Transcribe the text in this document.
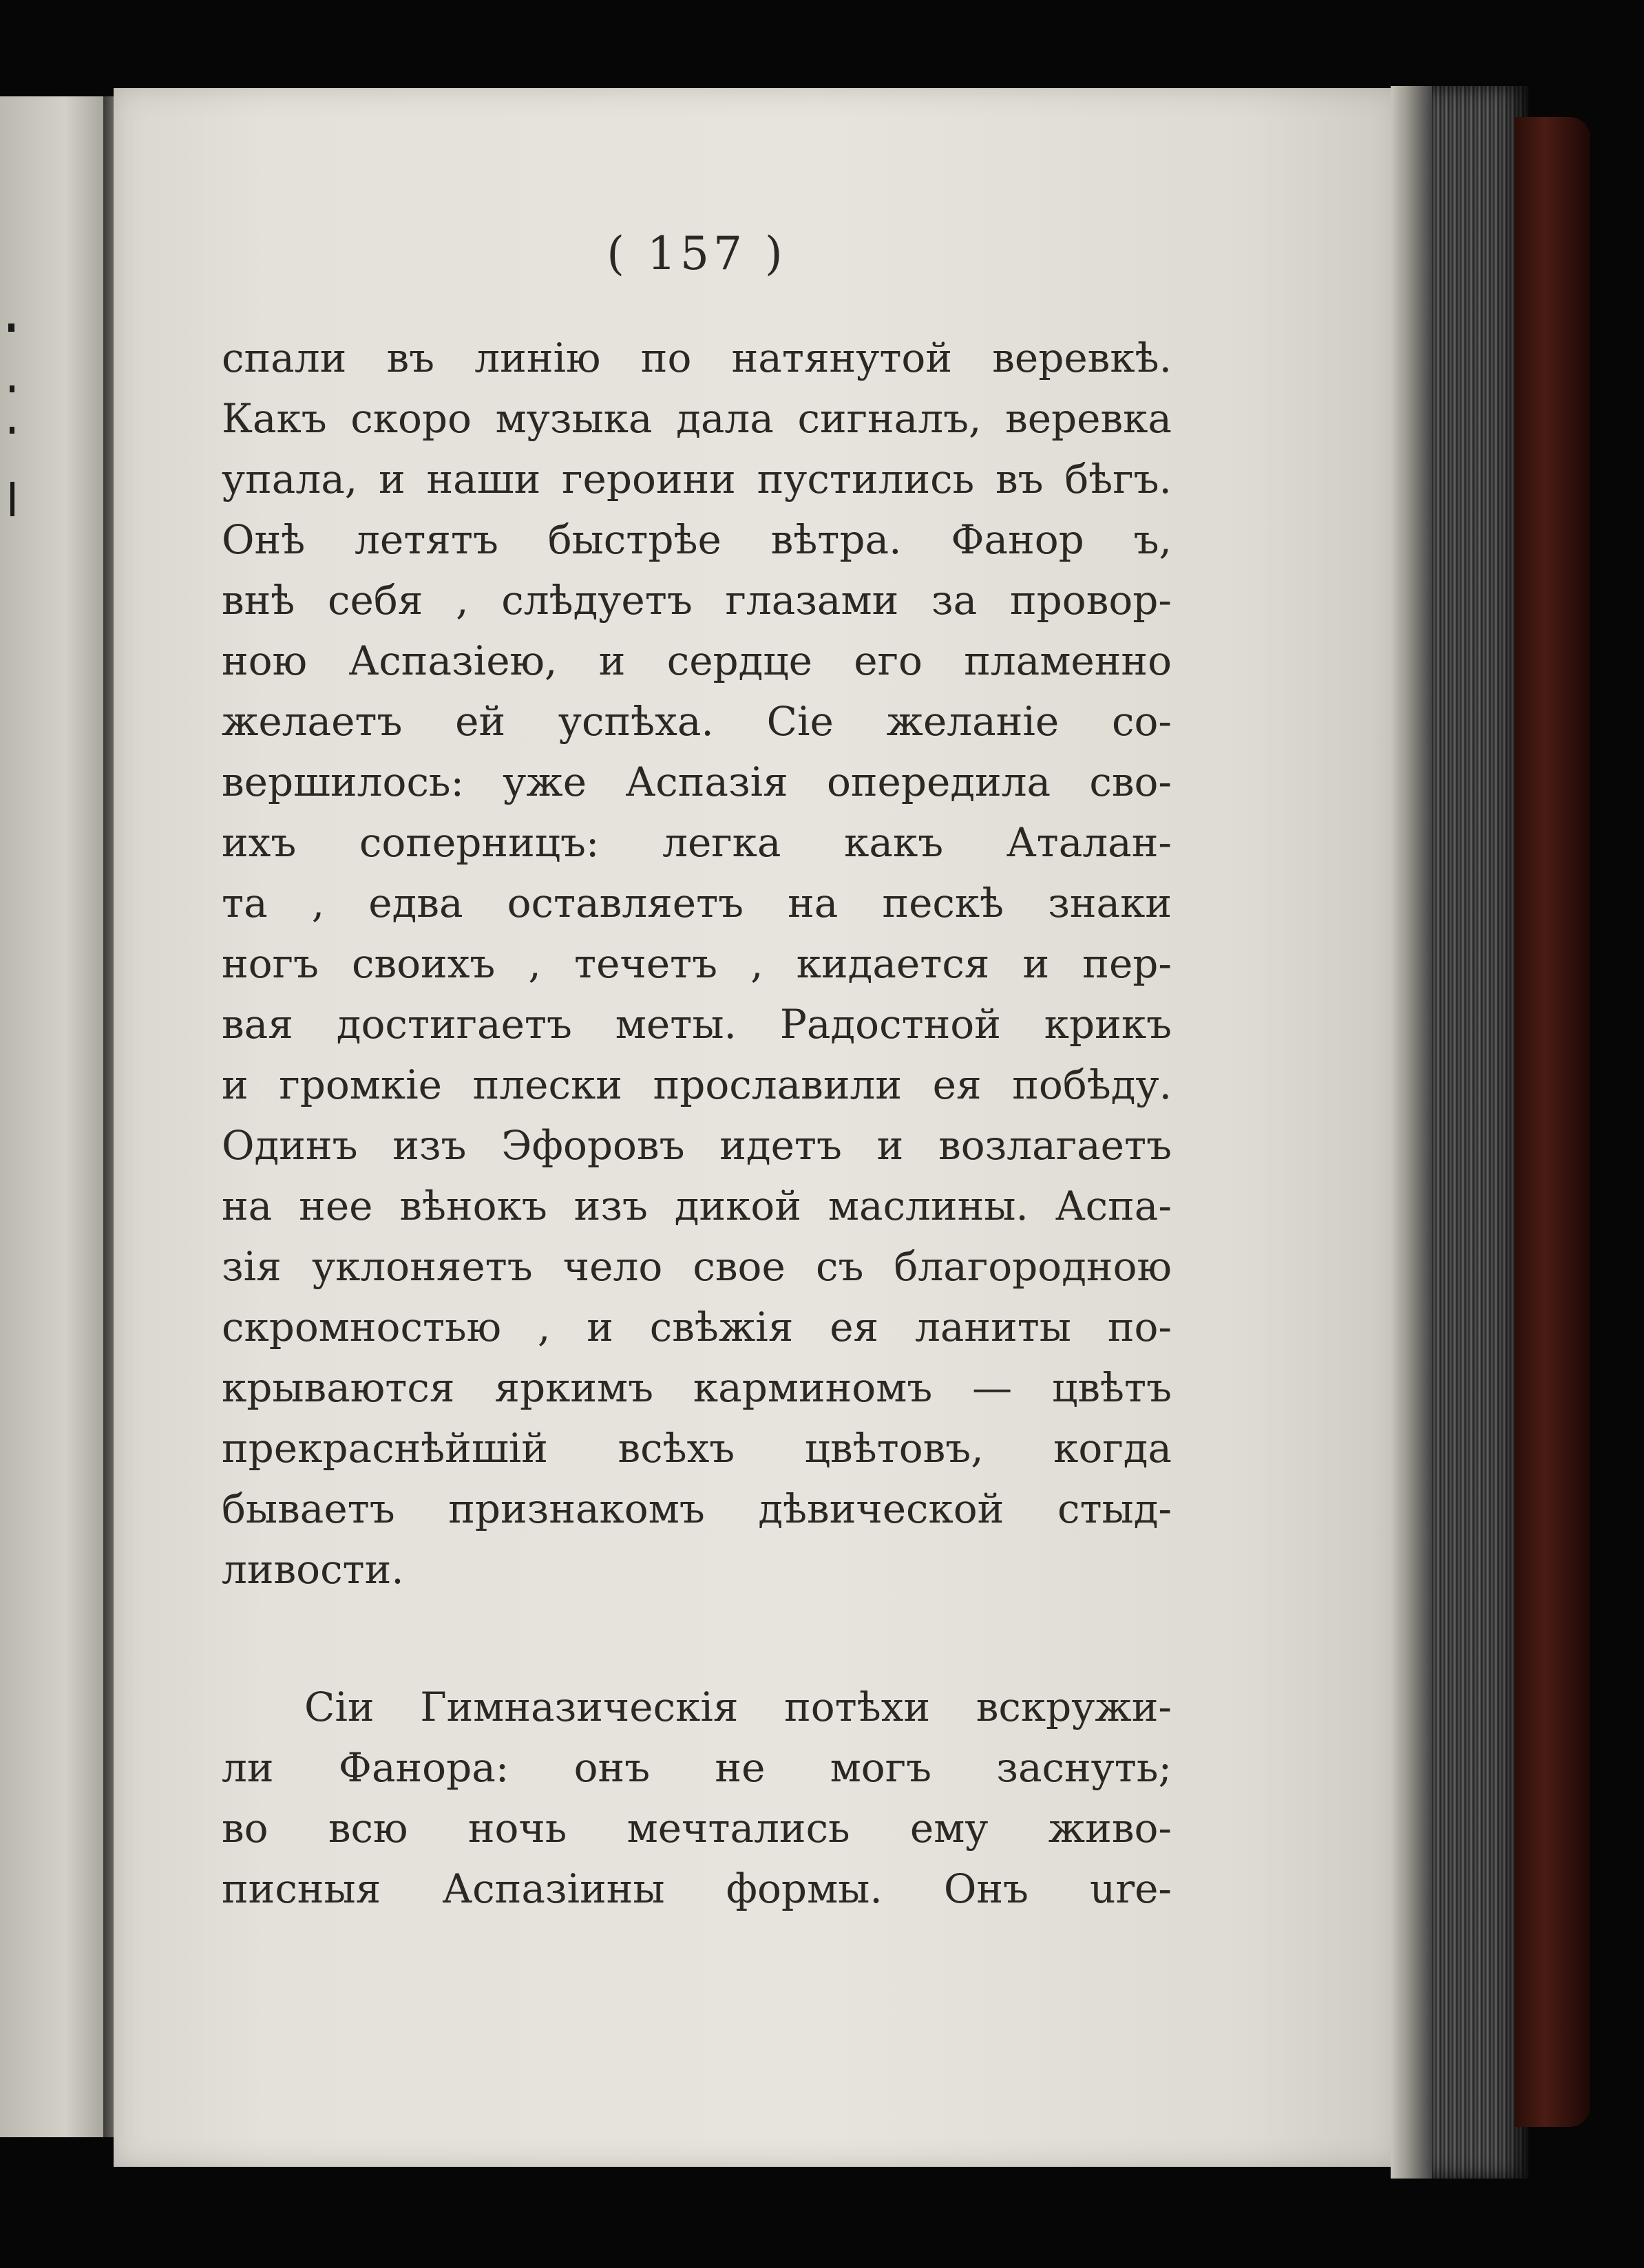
( 157 )
спали въ линію по натянутой веревкѣ.
Какъ скоро музыка дала сигналъ, веревка
упала, и наши героини пустились въ бѣгъ.
Онѣ летятъ быстрѣе вѣтра. Фанор ъ,
внѣ себя , слѣдуетъ глазами за провор-
ною Аспазіею, и сердце его пламенно
желаетъ ей успѣха. Сіе желаніе со-
вершилось: уже Аспазія опередила сво-
ихъ соперницъ: легка какъ Аталан-
та , едва оставляетъ на пескѣ знаки
ногъ своихъ , течетъ , кидается и пер-
вая достигаетъ меты. Радостной крикъ
и громкіе плески прославили ея побѣду.
Одинъ изъ Эфоровъ идетъ и возлагаетъ
на нее вѣнокъ изъ дикой маслины. Аспа-
зія уклоняетъ чело свое съ благородною
скромностью , и свѣжія ея ланиты по-
крываются яркимъ карминомъ — цвѣтъ
прекраснѣйшій всѣхъ цвѣтовъ, когда
бываетъ признакомъ дѣвической стыд-
ливости.
Сіи Гимназическія потѣхи вскружи-
ли Фанора: онъ не могъ заснуть;
во всю ночь мечтались ему живо-
писныя Аспазіины формы. Онъ ure-
